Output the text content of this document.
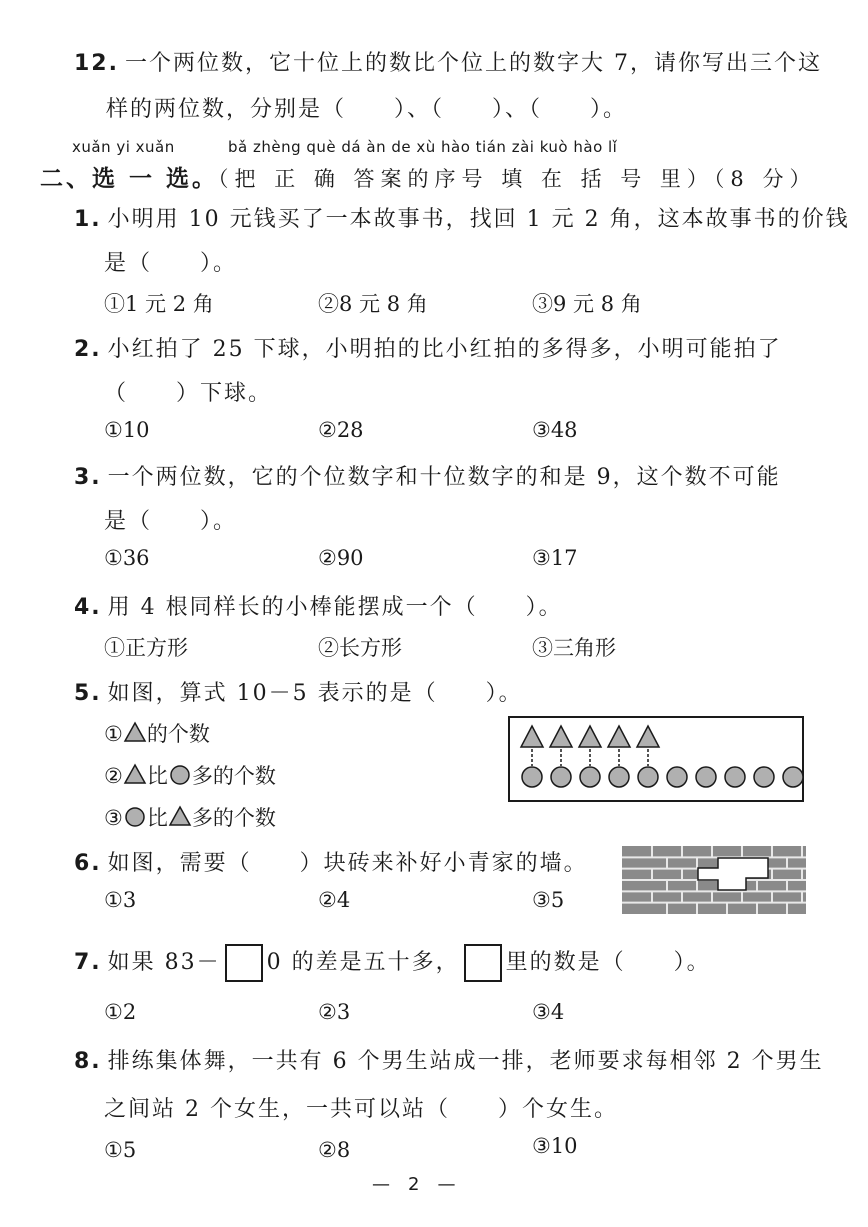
12. 一个两位数，它十位上的数比个位上的数字大 7，请你写出三个这
样的两位数，分别是（　　）、（　　）、（　　）。
xuǎn yi xuǎn	bǎ zhèng què dá àn de xù hào tián zài kuò hào lǐ
二、选 一 选。（把 正 确 答案的序号 填 在 括 号 里）（8 分）
1. 小明用 10 元钱买了一本故事书，找回 1 元 2 角，这本故事书的价钱
是（　　）。
①1 元 2 角	②8 元 8 角	③9 元 8 角
2. 小红拍了 25 下球，小明拍的比小红拍的多得多，小明可能拍了
（　　）下球。
①10	②28	③48
3. 一个两位数，它的个位数字和十位数字的和是 9，这个数不可能
是（　　）。
①36	②90	③17
4. 用 4 根同样长的小棒能摆成一个（　　）。
①正方形	②长方形	③三角形
5. 如图，算式 10－5 表示的是（　　）。
① 的个数
② 比 多的个数
③ 比 多的个数
6. 如图，需要（　　）块砖来补好小青家的墙。
①3	②4	③5
7. 如果 83－ 0 的差是五十多， 里的数是（　　）。
①2	②3	③4
8. 排练集体舞，一共有 6 个男生站成一排，老师要求每相邻 2 个男生
之间站 2 个女生，一共可以站（　　）个女生。
①5	②8	③10
—　2　—
